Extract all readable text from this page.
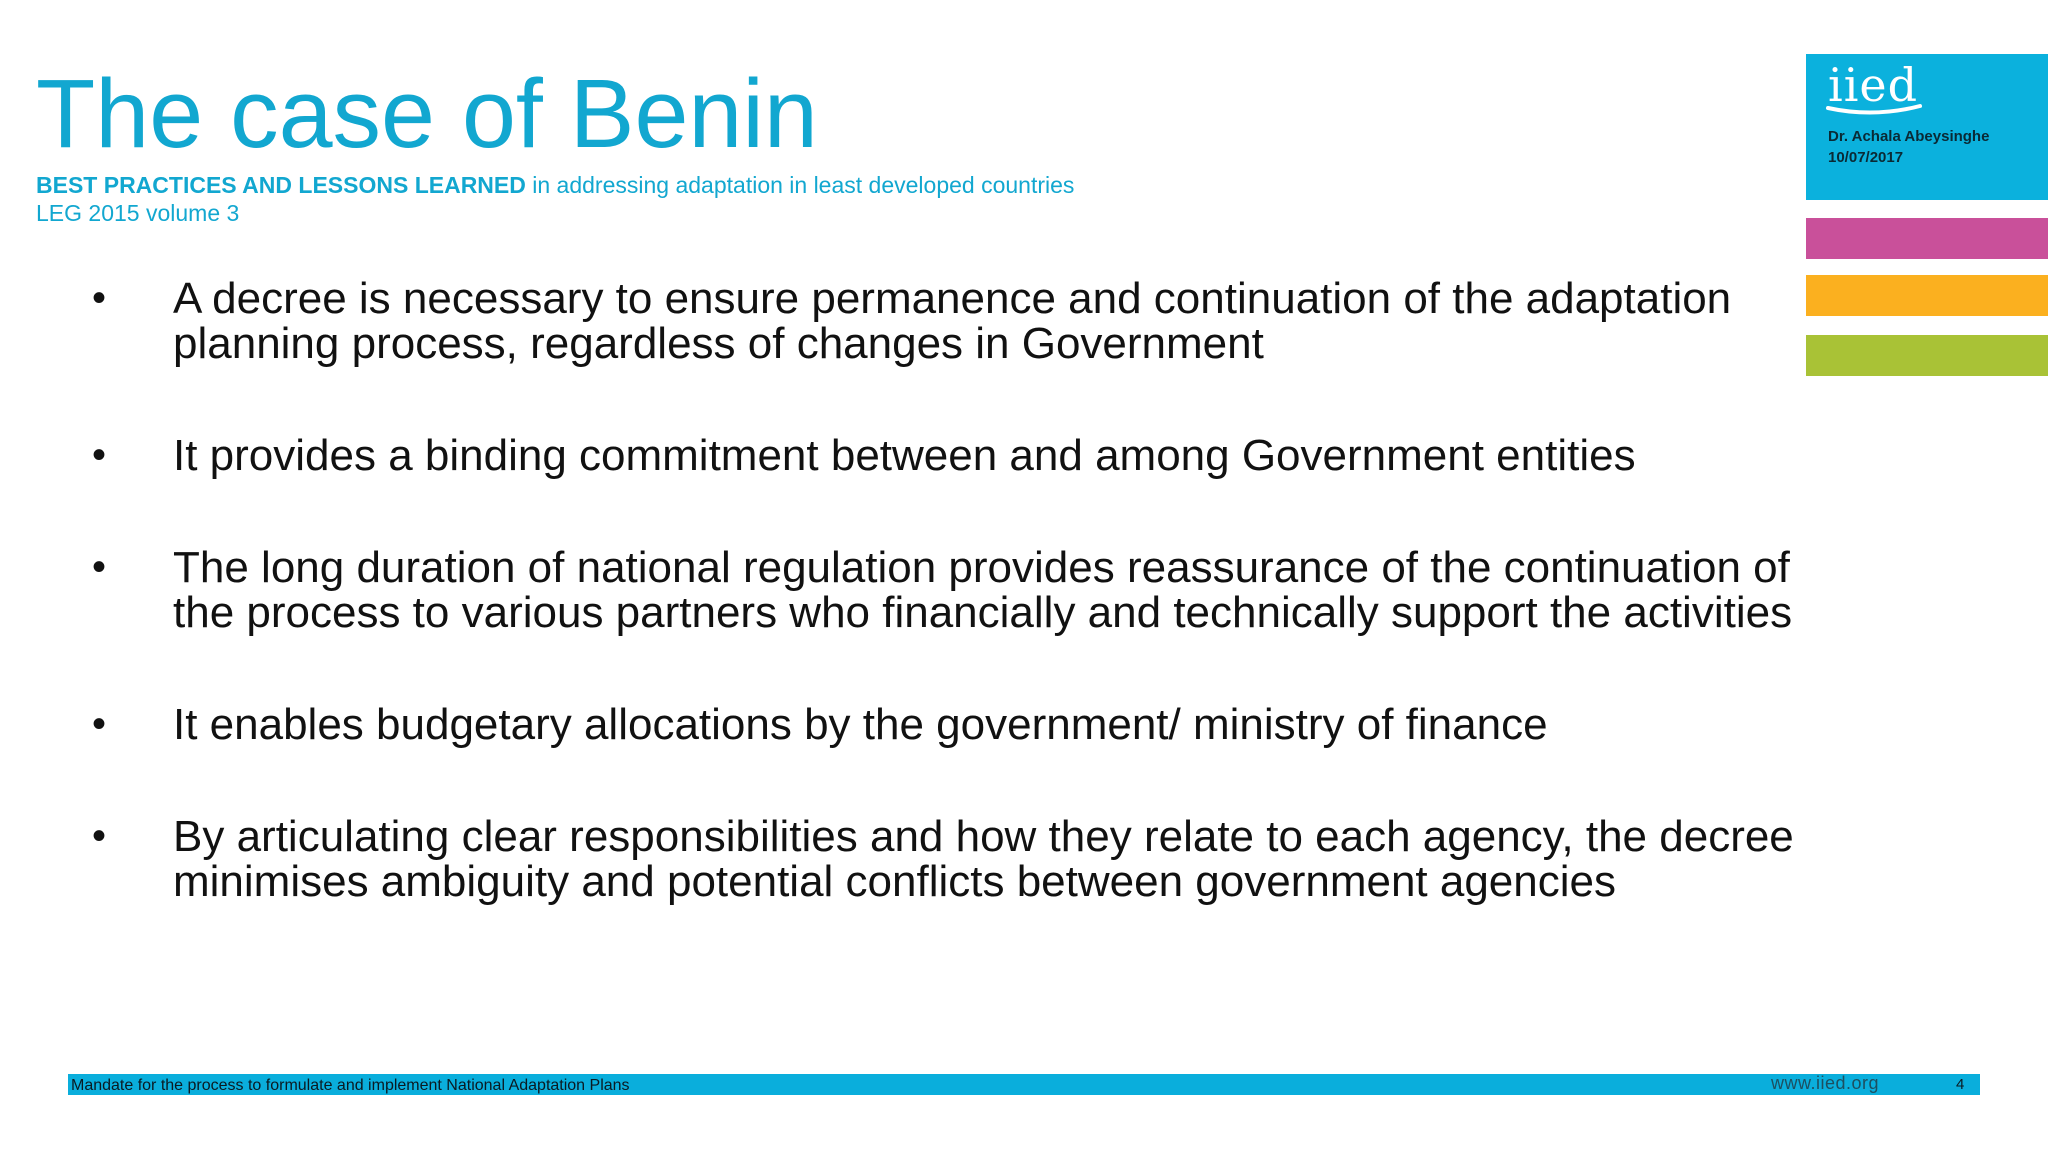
The case of Benin
BEST PRACTICES AND LESSONS LEARNED in addressing adaptation in least developed countries
LEG 2015 volume 3
• A decree is necessary to ensure permanence and continuation of the adaptation planning process, regardless of changes in Government
• It provides a binding commitment between and among Government entities
• The long duration of national regulation provides reassurance of the continuation of the process to various partners who financially and technically support the activities
• It enables budgetary allocations by the government/ ministry of finance
• By articulating clear responsibilities and how they relate to each agency, the decree minimises ambiguity and potential conflicts between government agencies
iied
Dr. Achala Abeysinghe
10/07/2017
Mandate for the process to formulate and implement National Adaptation Plans	www.iied.org	4
